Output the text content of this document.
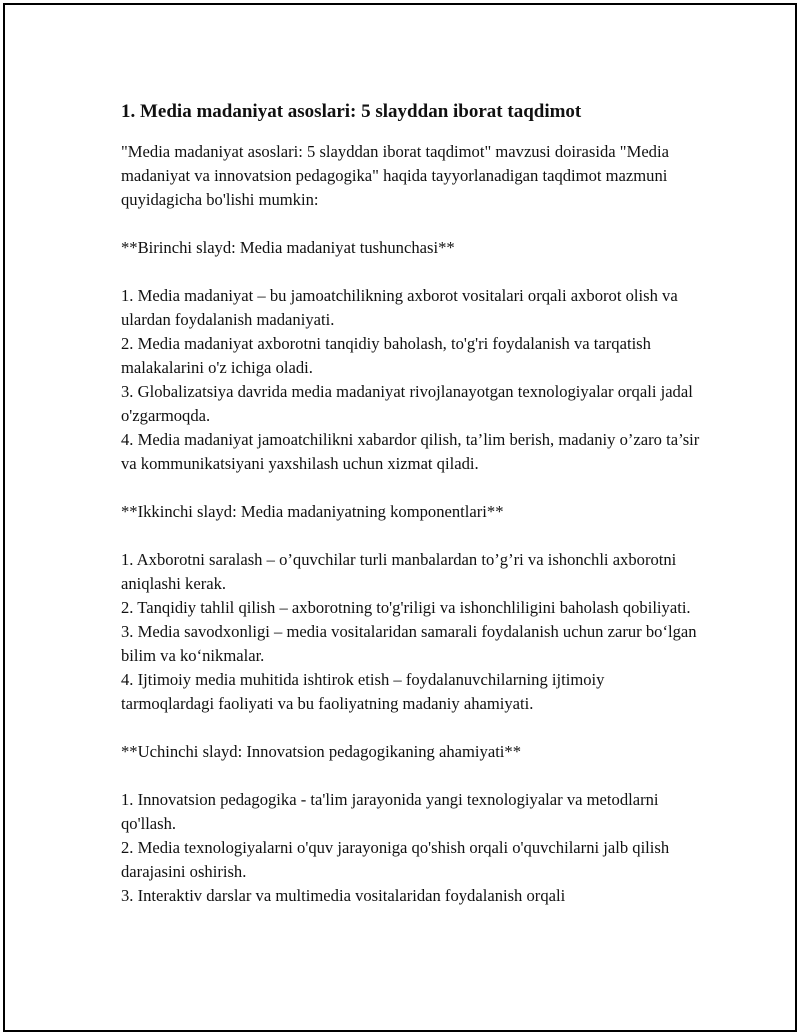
1. Media madaniyat asoslari: 5 slayddan iborat taqdimot

"Media madaniyat asoslari: 5 slayddan iborat taqdimot" mavzusi doirasida "Media madaniyat va innovatsion pedagogika" haqida tayyorlanadigan taqdimot mazmuni quyidagicha bo'lishi mumkin:

**Birinchi slayd: Media madaniyat tushunchasi**

1. Media madaniyat – bu jamoatchilikning axborot vositalari orqali axborot olish va ulardan foydalanish madaniyati.

2. Media madaniyat axborotni tanqidiy baholash, to'g'ri foydalanish va tarqatish malakalarini o'z ichiga oladi.

3. Globalizatsiya davrida media madaniyat rivojlanayotgan texnologiyalar orqali jadal o'zgarmoqda.

4. Media madaniyat jamoatchilikni xabardor qilish, ta’lim berish, madaniy o’zaro ta’sir va kommunikatsiyani yaxshilash uchun xizmat qiladi.

**Ikkinchi slayd: Media madaniyatning komponentlari**

1. Axborotni saralash – o’quvchilar turli manbalardan to’g’ri va ishonchli axborotni aniqlashi kerak.

2. Tanqidiy tahlil qilish – axborotning to'g'riligi va ishonchliligini baholash qobiliyati.

3. Media savodxonligi – media vositalaridan samarali foydalanish uchun zarur bo‘lgan bilim va ko‘nikmalar.

4. Ijtimoiy media muhitida ishtirok etish – foydalanuvchilarning ijtimoiy tarmoqlardagi faoliyati va bu faoliyatning madaniy ahamiyati.

**Uchinchi slayd: Innovatsion pedagogikaning ahamiyati**

1. Innovatsion pedagogika - ta'lim jarayonida yangi texnologiyalar va metodlarni qo'llash.

2. Media texnologiyalarni o'quv jarayoniga qo'shish orqali o'quvchilarni jalb qilish darajasini oshirish.

3. Interaktiv darslar va multimedia vositalaridan foydalanish orqali
